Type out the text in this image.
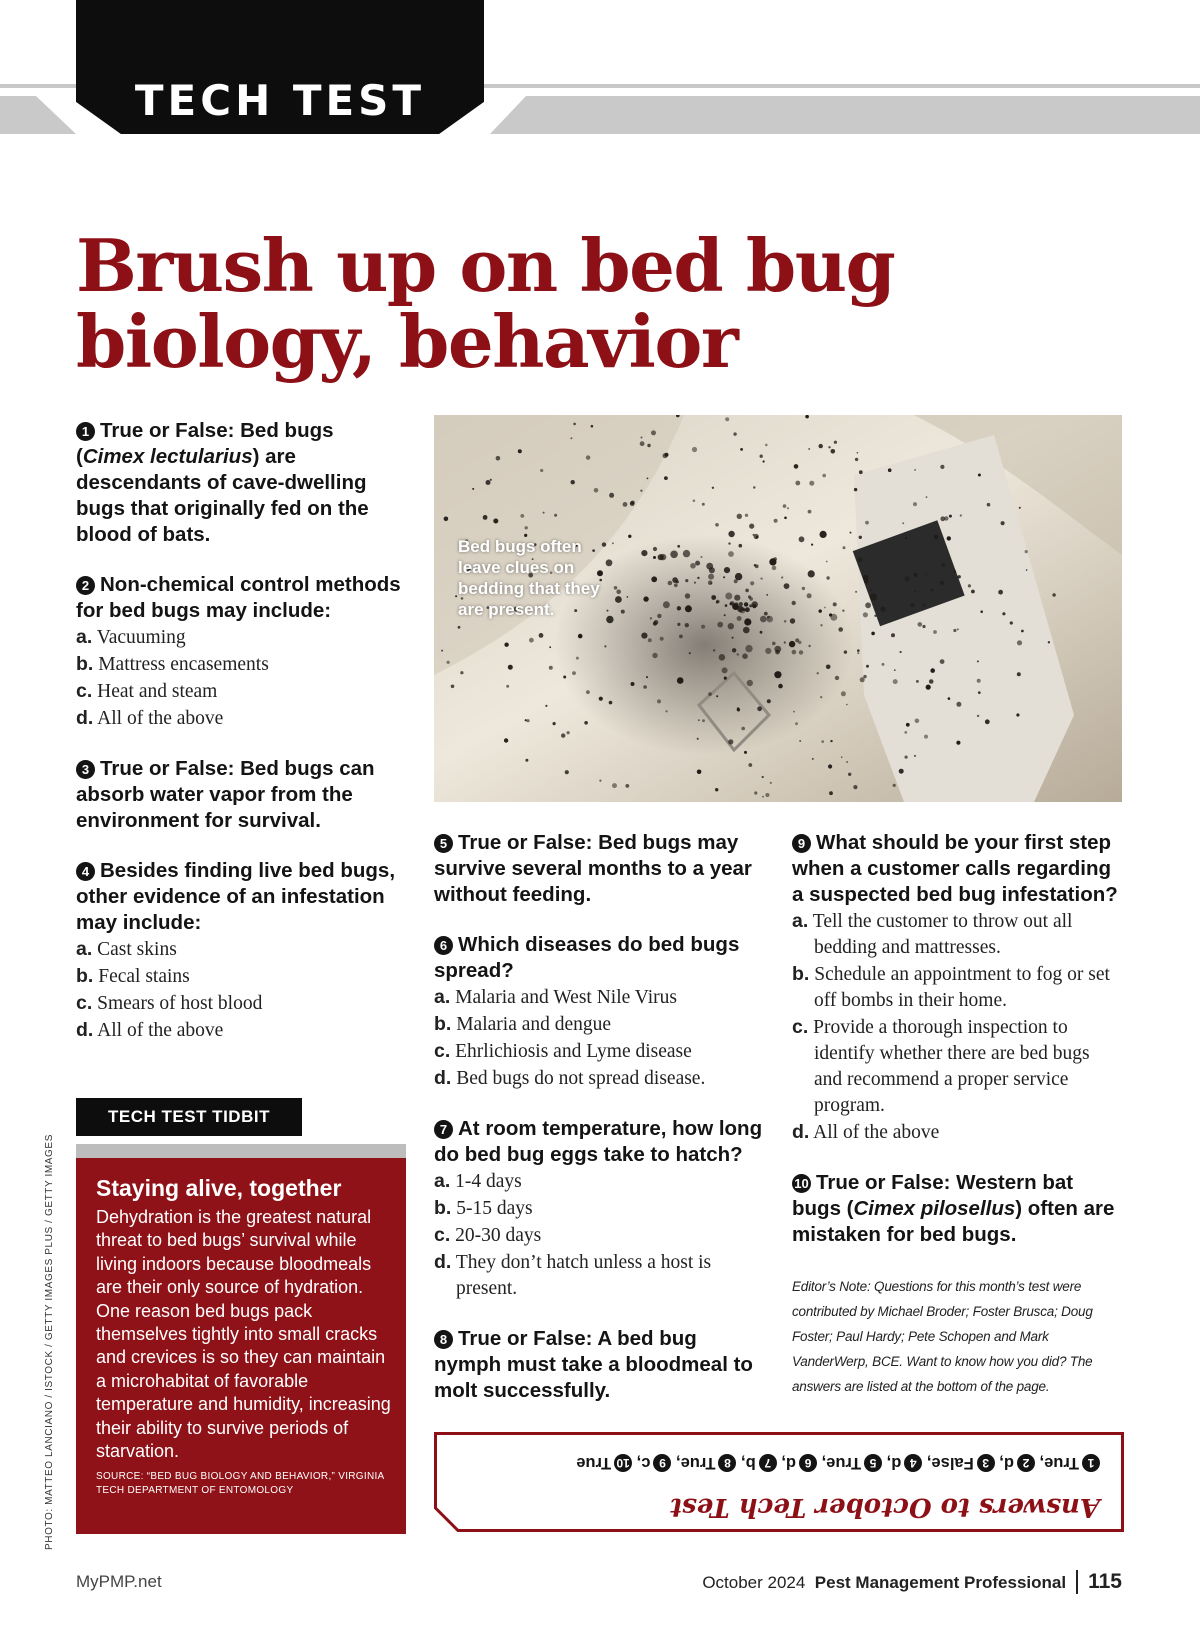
TECH TEST
Brush up on bed bug
biology, behavior
1 True or False: Bed bugs (Cimex lectularius) are descendants of cave-dwelling bugs that originally fed on the blood of bats.
2 Non-chemical control methods for bed bugs may include:
a. Vacuuming
b. Mattress encasements
c. Heat and steam
d. All of the above
3 True or False: Bed bugs can absorb water vapor from the environment for survival.
4 Besides finding live bed bugs, other evidence of an infestation may include:
a. Cast skins
b. Fecal stains
c. Smears of host blood
d. All of the above
Bed bugs often leave clues on bedding that they are present.
5 True or False: Bed bugs may survive several months to a year without feeding.
6 Which diseases do bed bugs spread?
a. Malaria and West Nile Virus
b. Malaria and dengue
c. Ehrlichiosis and Lyme disease
d. Bed bugs do not spread disease.
7 At room temperature, how long do bed bug eggs take to hatch?
a. 1-4 days
b. 5-15 days
c. 20-30 days
d. They don’t hatch unless a host is present.
8 True or False: A bed bug nymph must take a bloodmeal to molt successfully.
9 What should be your first step when a customer calls regarding a suspected bed bug infestation?
a. Tell the customer to throw out all bedding and mattresses.
b. Schedule an appointment to fog or set off bombs in their home.
c. Provide a thorough inspection to identify whether there are bed bugs and recommend a proper service program.
d. All of the above
10 True or False: Western bat bugs (Cimex pilosellus) often are mistaken for bed bugs.
Editor’s Note: Questions for this month’s test were contributed by Michael Broder; Foster Brusca; Doug Foster; Paul Hardy; Pete Schopen and Mark VanderWerp, BCE. Want to know how you did? The answers are listed at the bottom of the page.
TECH TEST TIDBIT
Staying alive, together
Dehydration is the greatest natural threat to bed bugs’ survival while living indoors because bloodmeals are their only source of hydration. One reason bed bugs pack themselves tightly into small cracks and crevices is so they can maintain a microhabitat of favorable temperature and humidity, increasing their ability to survive periods of starvation.
SOURCE: “BED BUG BIOLOGY AND BEHAVIOR,” VIRGINIA TECH DEPARTMENT OF ENTOMOLOGY
PHOTO: MATTEO LANCIANO / ISTOCK / GETTY IMAGES PLUS / GETTY IMAGES	Answers to October Tech Test
1True, 2d, 3False, 4d, 5True, 6d, 7b, 8True, 9c, 10True
MyPMP.net	October 2024 Pest Management Professional 115
